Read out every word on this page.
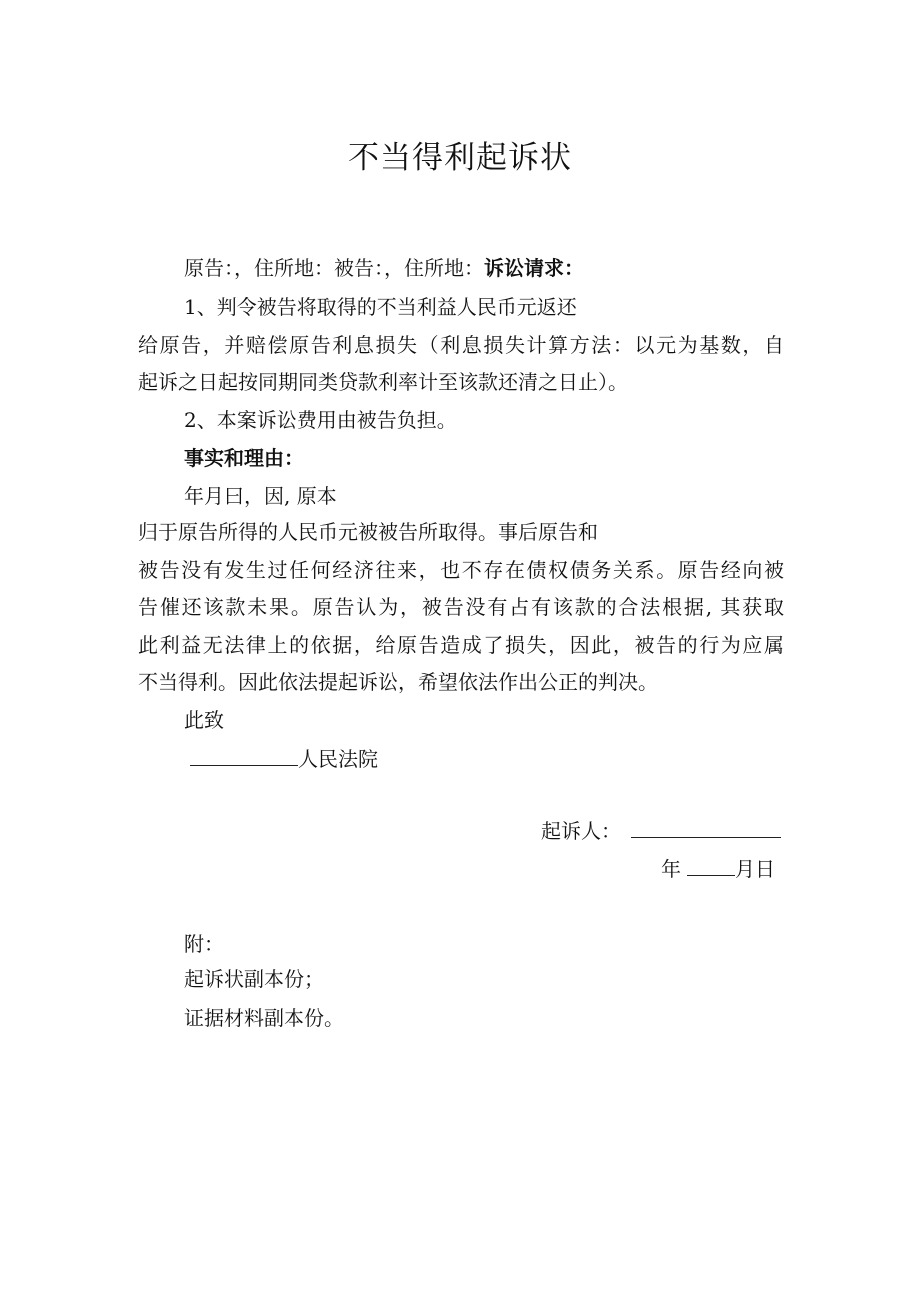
不当得利起诉状
原告：，住所地：被告：，住所地：诉讼请求：
1、判令被告将取得的不当利益人民币元返还
给原告，并赔偿原告利息损失（利息损失计算方法：以元为基数，自
起诉之日起按同期同类贷款利率计至该款还清之日止）。
2、本案诉讼费用由被告负担。
事实和理由：
年月曰，因, 原本
归于原告所得的人民币元被被告所取得。事后原告和
被告没有发生过任何经济往来，也不存在债权债务关系。原告经向被
告催还该款未果。原告认为，被告没有占有该款的合法根据, 其获取
此利益无法律上的依据，给原告造成了损失，因此，被告的行为应属
不当得利。因此依法提起诉讼，希望依法作出公正的判决。
此致
人民法院
起诉人：
年	月日
附：
起诉状副本份；
证据材料副本份。
